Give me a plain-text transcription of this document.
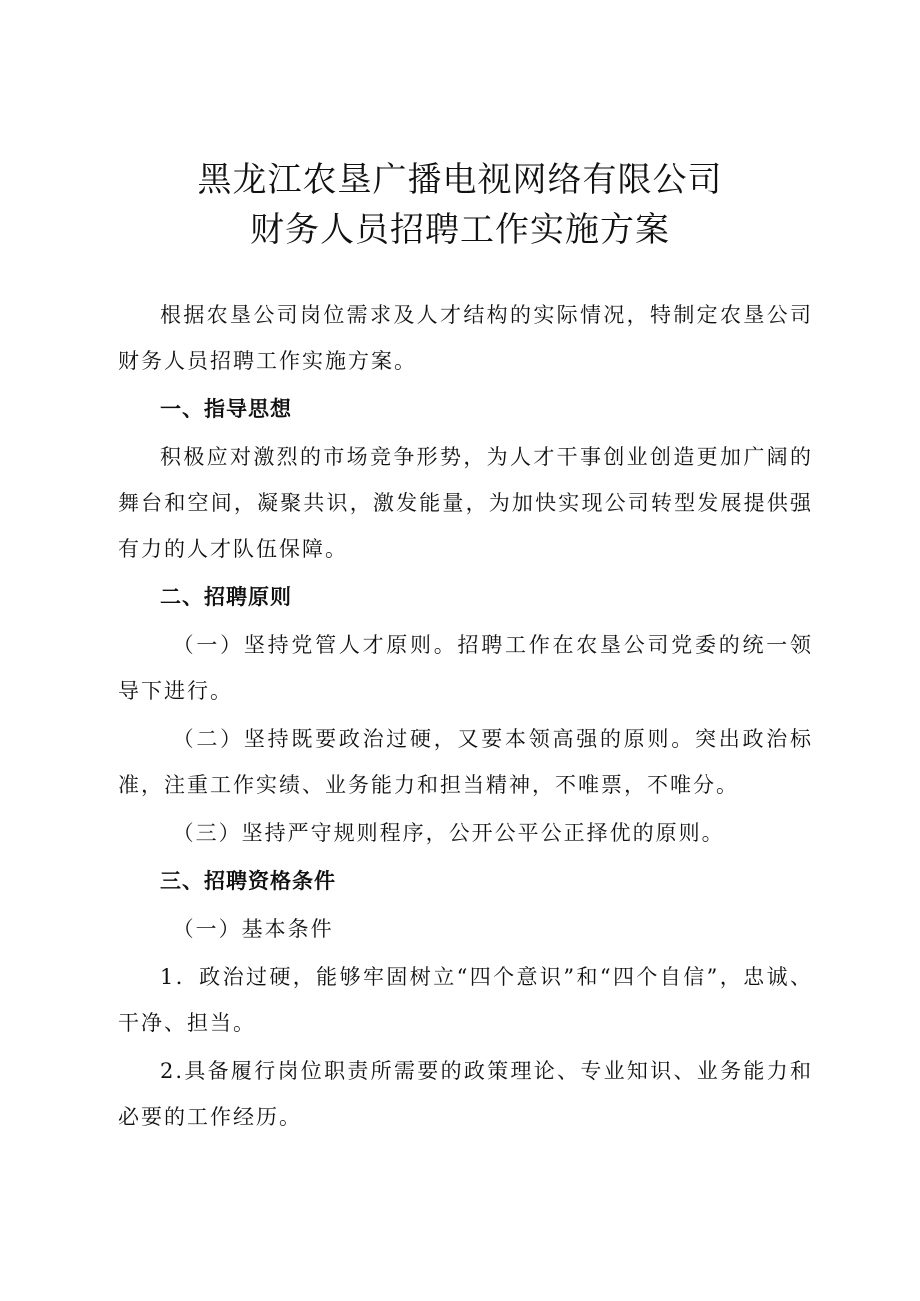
黑龙江农垦广播电视网络有限公司
财务人员招聘工作实施方案

根据农垦公司岗位需求及人才结构的实际情况，特制定农垦公司财务人员招聘工作实施方案。

一、指导思想

积极应对激烈的市场竞争形势，为人才干事创业创造更加广阔的舞台和空间，凝聚共识，激发能量，为加快实现公司转型发展提供强有力的人才队伍保障。

二、招聘原则

（一）坚持党管人才原则。招聘工作在农垦公司党委的统一领导下进行。

（二）坚持既要政治过硬，又要本领高强的原则。突出政治标准，注重工作实绩、业务能力和担当精神，不唯票，不唯分。

（三）坚持严守规则程序，公开公平公正择优的原则。

三、招聘资格条件

（一）基本条件

1．政治过硬，能够牢固树立“四个意识”和“四个自信”，忠诚、干净、担当。

2.具备履行岗位职责所需要的政策理论、专业知识、业务能力和必要的工作经历。
